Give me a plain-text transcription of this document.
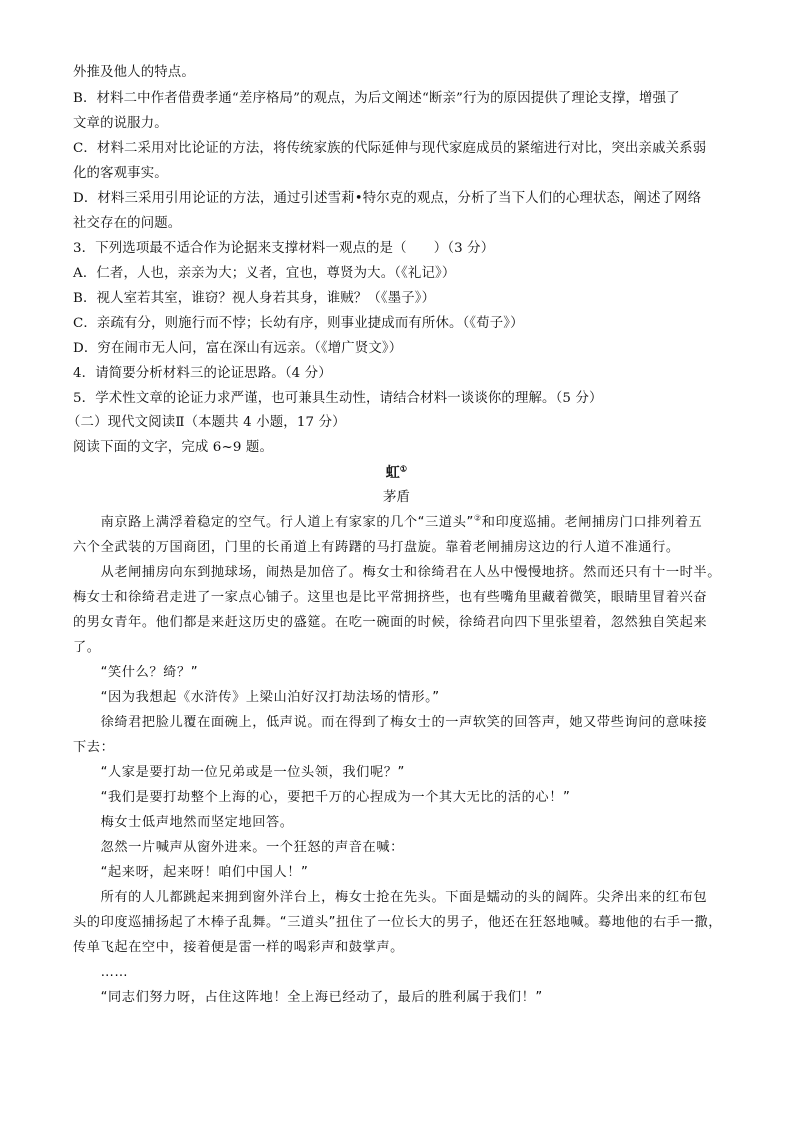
外推及他人的特点。
B．材料二中作者借费孝通“差序格局”的观点，为后文阐述“断亲”行为的原因提供了理论支撑，增强了
文章的说服力。
C．材料二采用对比论证的方法，将传统家族的代际延伸与现代家庭成员的紧缩进行对比，突出亲戚关系弱
化的客观事实。
D．材料三采用引用论证的方法，通过引述雪莉•特尔克的观点，分析了当下人们的心理状态，阐述了网络
社交存在的问题。
3．下列选项最不适合作为论据来支撑材料一观点的是（　　）（3 分）
A．仁者，人也，亲亲为大；义者，宜也，尊贤为大。（《礼记》）
B．视人室若其室，谁窃？视人身若其身，谁贼？（《墨子》）
C．亲疏有分，则施行而不悖；长幼有序，则事业捷成而有所休。（《荀子》）
D．穷在闹市无人问，富在深山有远亲。（《增广贤文》）
4．请简要分析材料三的论证思路。（4 分）
5．学术性文章的论证力求严谨，也可兼具生动性，请结合材料一谈谈你的理解。（5 分）
（二）现代文阅读Ⅱ（本题共 4 小题，17 分）
阅读下面的文字，完成 6~9 题。
虹①
茅盾
　　南京路上满浮着稳定的空气。行人道上有家家的几个“三道头”②和印度巡捕。老闸捕房门口排列着五
六个全武装的万国商团，门里的长甬道上有踌躇的马打盘旋。靠着老闸捕房这边的行人道不准通行。
　　从老闸捕房向东到抛球场，闹热是加倍了。梅女士和徐绮君在人丛中慢慢地挤。然而还只有十一时半。
梅女士和徐绮君走进了一家点心铺子。这里也是比平常拥挤些，也有些嘴角里藏着微笑，眼睛里冒着兴奋
的男女青年。他们都是来赶这历史的盛筵。在吃一碗面的时候，徐绮君向四下里张望着，忽然独自笑起来
了。
　　“笑什么？绮？”
　　“因为我想起《水浒传》上梁山泊好汉打劫法场的情形。”
　　徐绮君把脸儿覆在面碗上，低声说。而在得到了梅女士的一声软笑的回答声，她又带些询问的意味接
下去：
　　“人家是要打劫一位兄弟或是一位头领，我们呢？”
　　“我们是要打劫整个上海的心，要把千万的心捏成为一个其大无比的活的心！”
　　梅女士低声地然而坚定地回答。
　　忽然一片喊声从窗外进来。一个狂怒的声音在喊：
　　“起来呀，起来呀！咱们中国人！”
　　所有的人儿都跳起来拥到窗外洋台上，梅女士抢在先头。下面是蠕动的头的阔阵。尖斧出来的红布包
头的印度巡捕扬起了木棒子乱舞。“三道头”扭住了一位长大的男子，他还在狂怒地喊。蓦地他的右手一撒，
传单飞起在空中，接着便是雷一样的喝彩声和鼓掌声。
　　……
　　“同志们努力呀，占住这阵地！全上海已经动了，最后的胜利属于我们！”
